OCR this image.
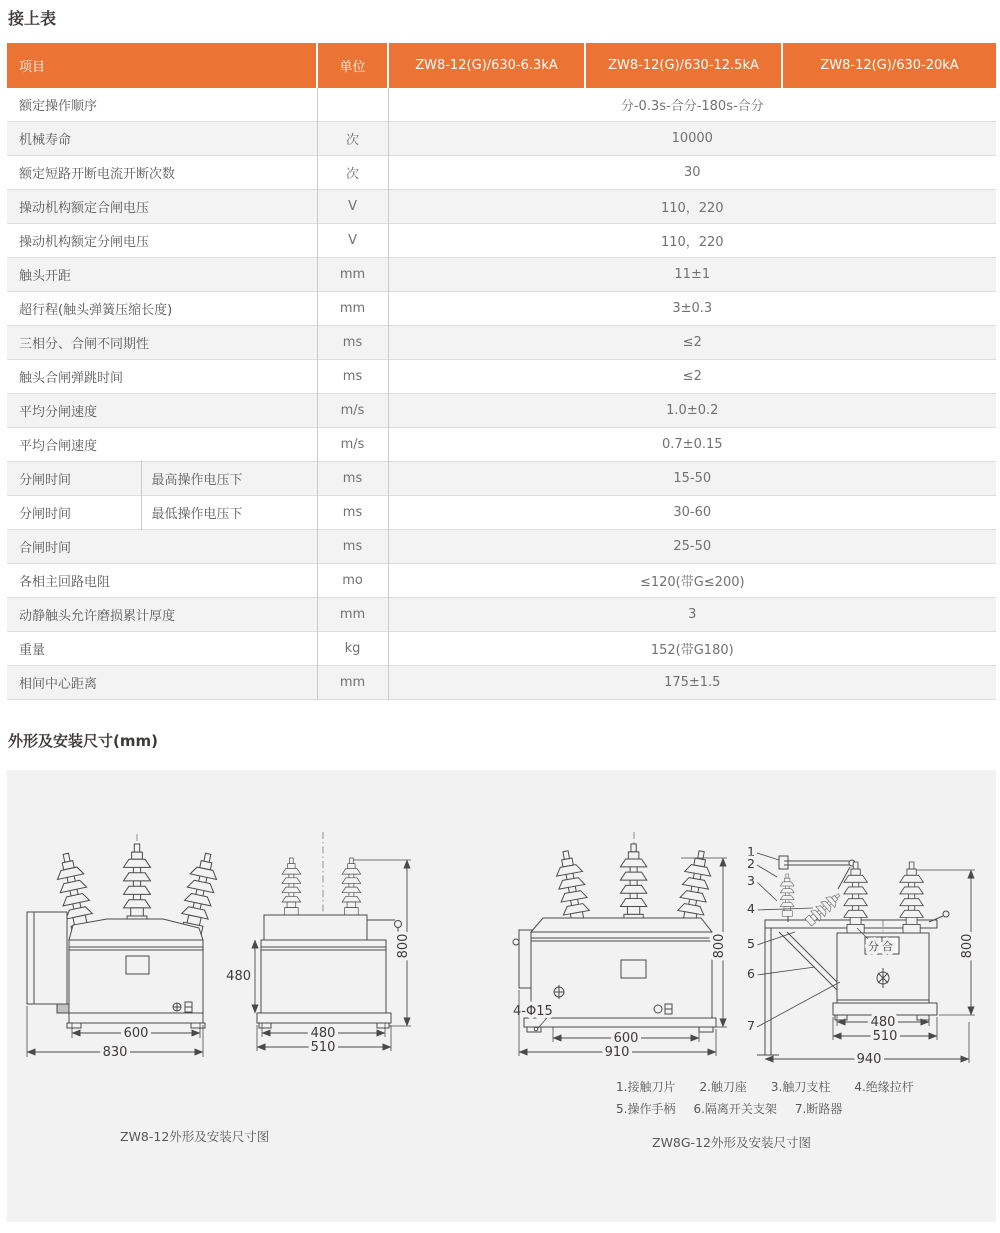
接上表
项目		单位	ZW8-12(G)/630-6.3kA	ZW8-12(G)/630-12.5kA	ZW8-12(G)/630-20kA
额定操作顺序			分-0.3s-合分-180s-合分		
机械寿命		次	10000		
额定短路开断电流开断次数		次	30		
操动机构额定合闸电压		V	110，220		
操动机构额定分闸电压		V	110，220		
触头开距		mm	11±1		
超行程(触头弹簧压缩长度)		mm	3±0.3		
三相分、合闸不同期性		ms	≤2		
触头合闸弹跳时间		ms	≤2		
平均分闸速度		m/s	1.0±0.2		
平均合闸速度		m/s	0.7±0.15		
分闸时间	最高操作电压下	ms	15-50		
分闸时间	最低操作电压下	ms	30-60		
合闸时间		ms	25-50		
各相主回路电阻		mo	≤120(带G≤200)		
动静触头允许磨损累计厚度		mm	3		
重量		kg	152(带G180)		
相间中心距离		mm	175±1.5		
外形及安装尺寸(mm)
600
830
480
800
480
510
4-Φ15
600
910
800	分合
1
2
3
4
5
6
7
800
480
510
940
1.接触刀片 2.触刀座 3.触刀支柱 4.绝缘拉杆
5.操作手柄 6.隔离开关支架 7.断路器
ZW8-12外形及安装尺寸图	ZW8G-12外形及安装尺寸图
